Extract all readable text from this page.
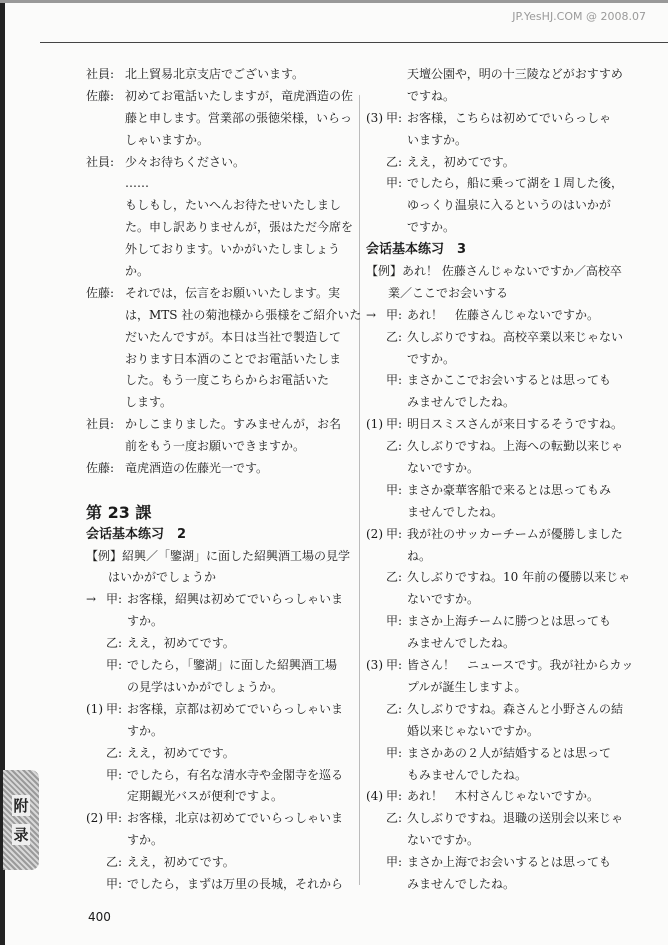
JP.YesHJ.COM @ 2008.07
社員: 北上貿易北京支店でございます。
佐藤: 初めてお電話いたしますが，竜虎酒造の佐
藤と申します。営業部の張徳栄様，いらっ
しゃいますか。
社員: 少々お待ちください。
……
もしもし，たいへんお待たせいたしまし
た。申し訳ありませんが，張はただ今席を
外しております。いかがいたしましょう
か。
佐藤: それでは，伝言をお願いいたします。実
は，MTS 社の菊池様から張様をご紹介いた
だいたんですが。本日は当社で製造して
おります日本酒のことでお電話いたしま
した。もう一度こちらからお電話いた
します。
社員: かしこまりました。すみませんが，お名
前をもう一度お願いできますか。
佐藤: 竜虎酒造の佐藤光一です。
第 23 課
会话基本练习　2
【例】 紹興／「鑒湖」に面した紹興酒工場の見学
はいかがでしょうか
→ 甲: お客様，紹興は初めてでいらっしゃいま
すか。
乙: ええ，初めてです。
甲: でしたら，「鑒湖」に面した紹興酒工場
の見学はいかがでしょうか。
(1) 甲: お客様，京都は初めてでいらっしゃいま
すか。
乙: ええ，初めてです。
甲: でしたら，有名な清水寺や金閣寺を巡る
定期観光バスが便利ですよ。
(2) 甲: お客様，北京は初めてでいらっしゃいま
すか。
乙: ええ，初めてです。
甲: でしたら，まずは万里の長城，それから
天壇公園や，明の十三陵などがおすすめ
ですね。
(3) 甲: お客様，こちらは初めてでいらっしゃ
いますか。
乙: ええ，初めてです。
甲: でしたら，船に乗って湖を１周した後，
ゆっくり温泉に入るというのはいかが
ですか。
会话基本练习　3
【例】 あれ！ 佐藤さんじゃないですか／高校卒
業／ここでお会いする
→ 甲: あれ！　佐藤さんじゃないですか。
乙: 久しぶりですね。高校卒業以来じゃない
ですか。
甲: まさかここでお会いするとは思っても
みませんでしたね。
(1) 甲: 明日スミスさんが来日するそうですね。
乙: 久しぶりですね。上海への転勤以来じゃ
ないですか。
甲: まさか豪華客船で来るとは思ってもみ
ませんでしたね。
(2) 甲: 我が社のサッカーチームが優勝しました
ね。
乙: 久しぶりですね。10 年前の優勝以来じゃ
ないですか。
甲: まさか上海チームに勝つとは思っても
みませんでしたね。
(3) 甲: 皆さん！　ニュースです。我が社からカッ
プルが誕生しますよ。
乙: 久しぶりですね。森さんと小野さんの結
婚以来じゃないですか。
甲: まさかあの２人が結婚するとは思って
もみませんでしたね。
(4) 甲: あれ！　木村さんじゃないですか。
乙: 久しぶりですね。退職の送別会以来じゃ
ないですか。
甲: まさか上海でお会いするとは思っても
みませんでしたね。
附
录
400
